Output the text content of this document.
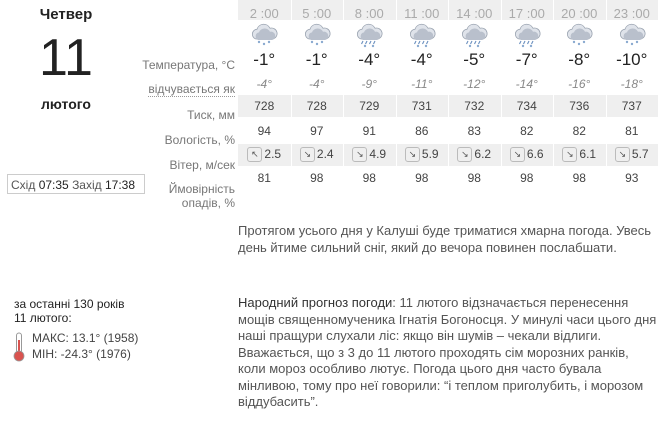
Четвер
11
лютого
Схід 07:35 Захід 17:38
Температура, °C
відчувається як
Тиск, мм
Вологість, %
Вітер, м/сек
Ймовірність
опадів, %
2 :00
-1°
-4°
728
94
↖ 2.5
81
5 :00
-1°
-4°
728
97
↘ 2.4
98
8 :00
-4°
-9°
729
91
↘ 4.9
98
11 :00
-4°
-11°
731
86
↘ 5.9
98
14 :00
-5°
-12°
732
83
↘ 6.2
98
17 :00
-7°
-14°
734
82
↘ 6.6
98
20 :00
-8°
-16°
736
82
↘ 6.1
98
23 :00
-10°
-18°
737
81
↘ 5.7
93
Протягом усього дня у Калуші буде триматися хмарна погода. Увесь день йтиме сильний сніг, який до вечора повинен послабшати.
за останні 130 років
11 лютого:
МАКС: 13.1° (1958)
МІН: -24.3° (1976)
Народний прогноз погоди: 11 лютого відзначається перенесення мощів священномученика Ігнатія Богоносця. У минулі часи цього дня наші пращури слухали ліс: якщо він шумів – чекали відлиги. Вважається, що з 3 до 11 лютого проходять сім морозних ранків, коли мороз особливо лютує. Погода цього дня часто бувала мінливою, тому про неї говорили: “і теплом приголубить, і морозом віддубасить”.
